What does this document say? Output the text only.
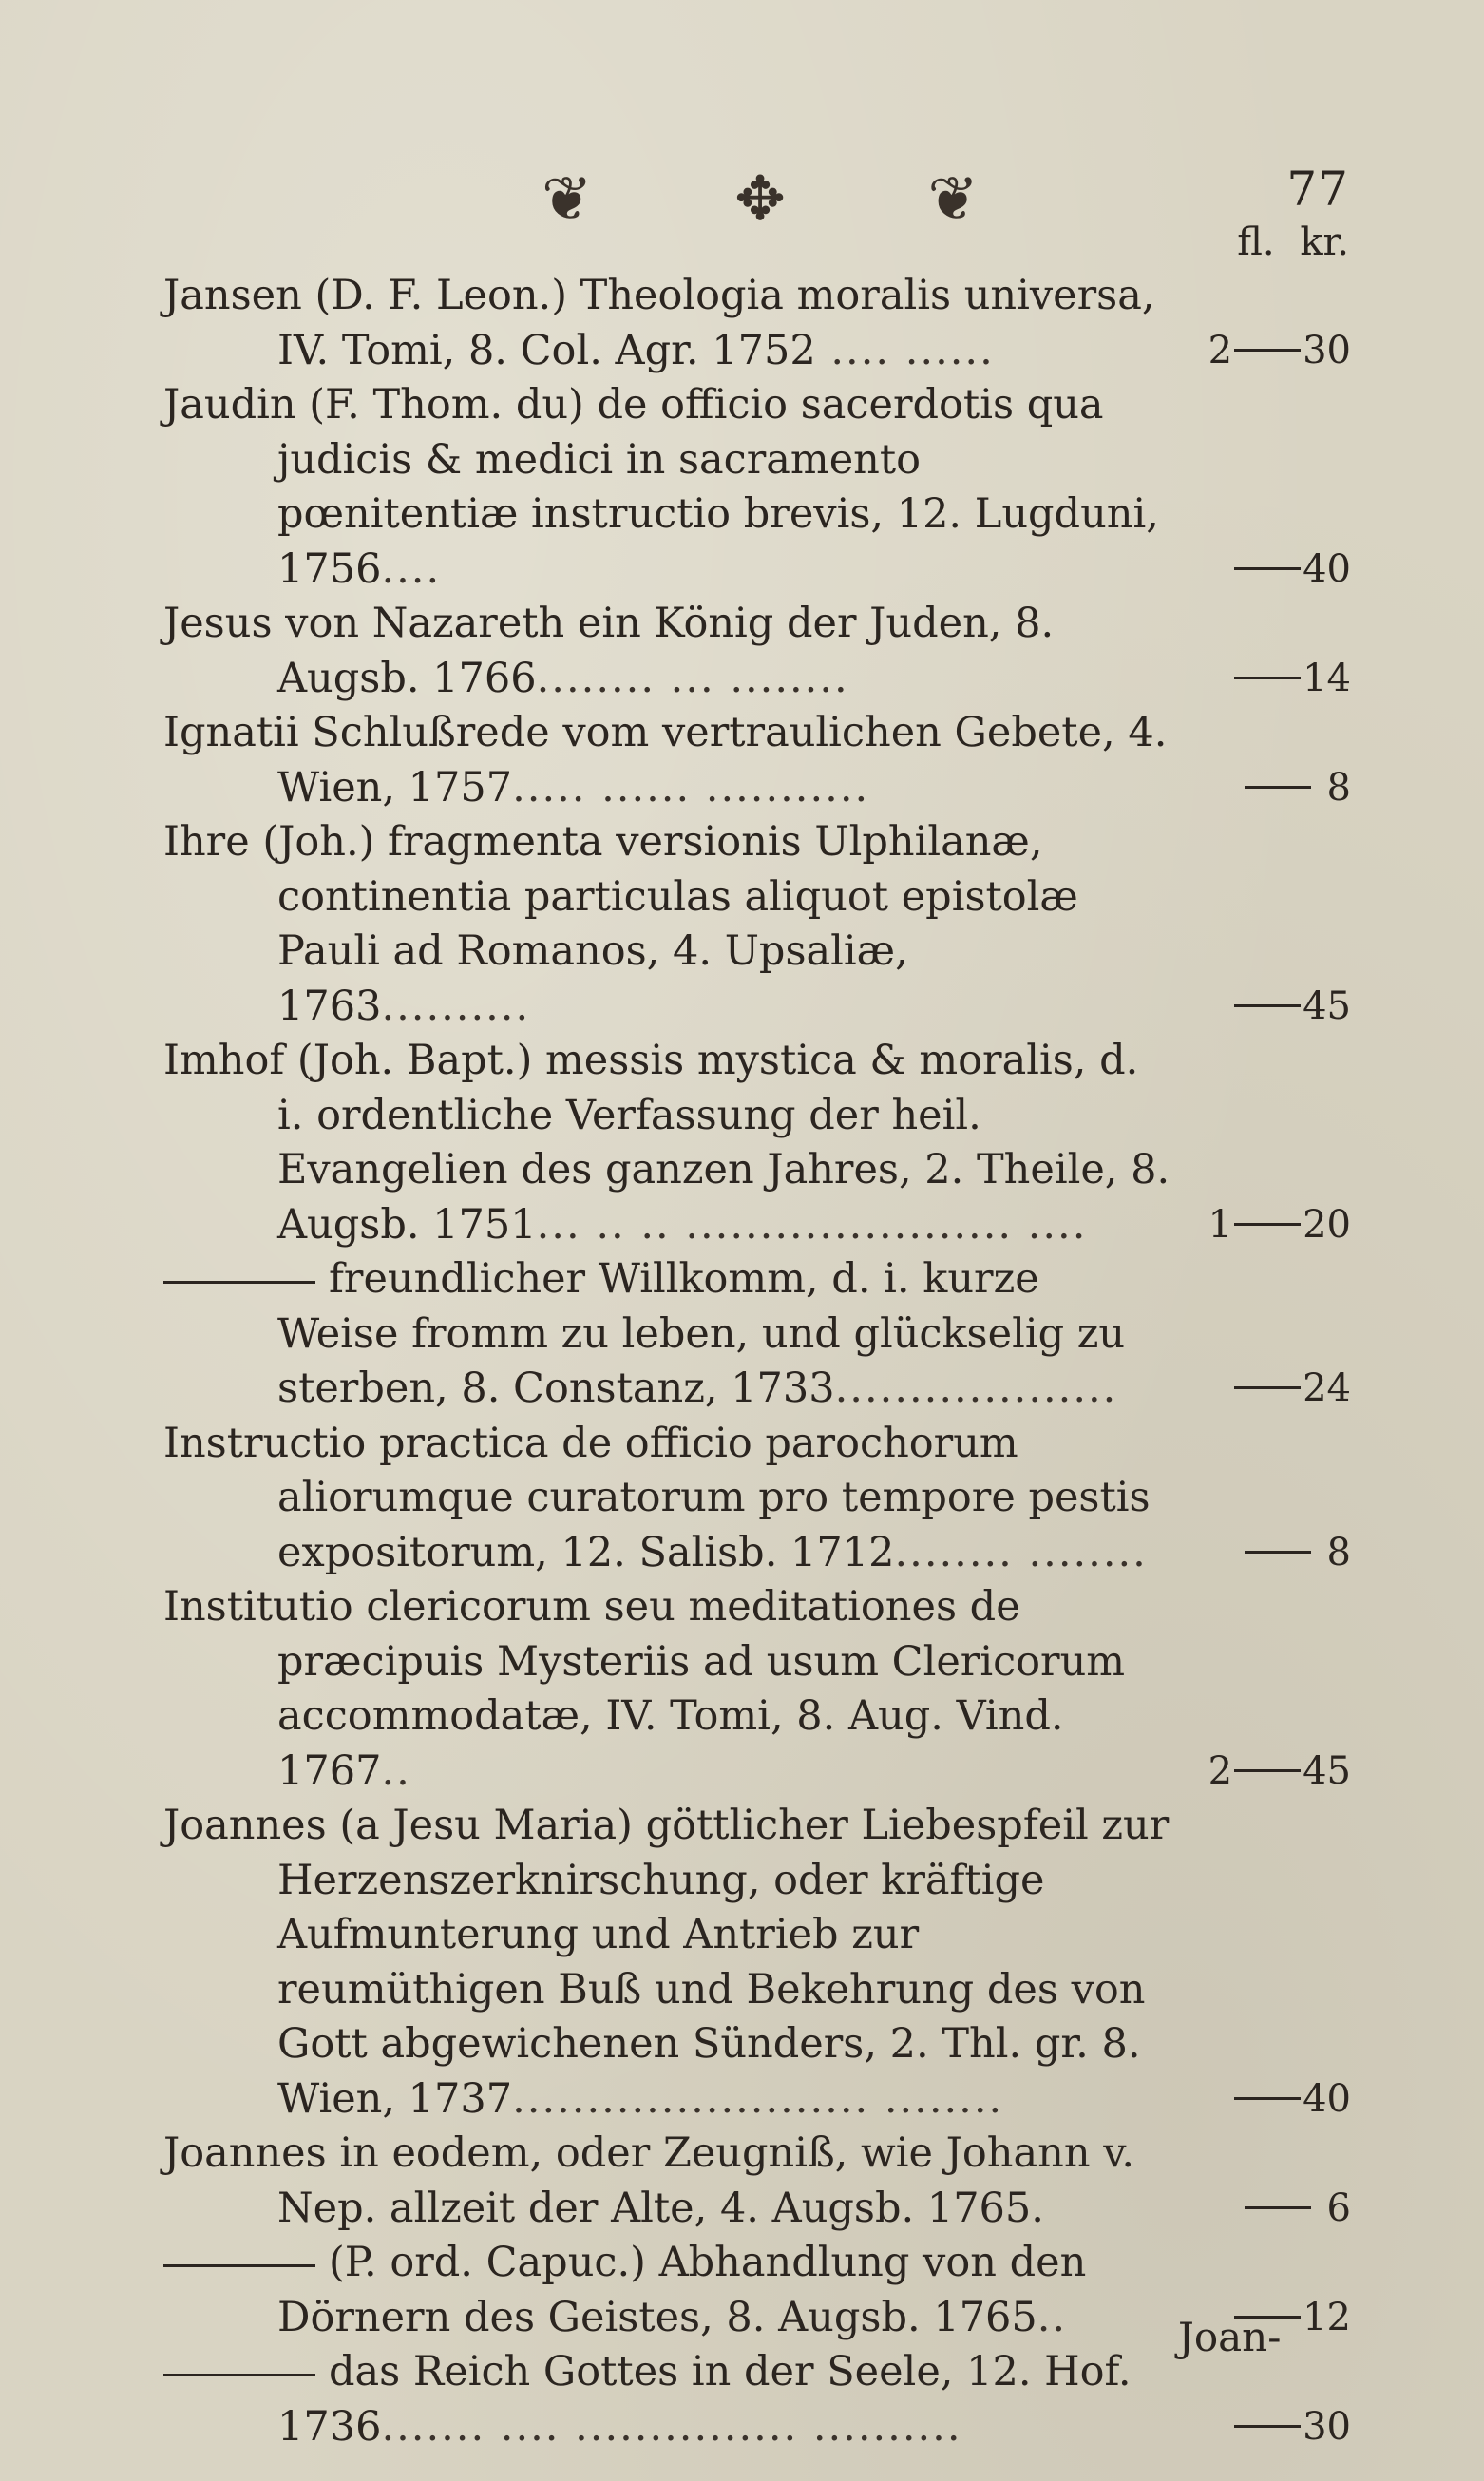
❦ ✥ ❦	77
fl. kr.

Jansen (D. F. Leon.) Theologia moralis universa, IV. Tomi, 8. Col. Agr. 1752 .... ......	2 30

Jaudin (F. Thom. du) de officio sacerdotis qua judicis & medici in sacramento pœnitentiæ instructio brevis, 12. Lugduni, 1756....	40

Jesus von Nazareth ein König der Juden, 8. Augsb. 1766........ ... ........	14

Ignatii Schlußrede vom vertraulichen Gebete, 4. Wien, 1757..... ...... ...........	8

Ihre (Joh.) fragmenta versionis Ulphilanæ, continentia particulas aliquot epistolæ Pauli ad Romanos, 4. Upsaliæ, 1763..........	45

Imhof (Joh. Bapt.) messis mystica & moralis, d. i. ordentliche Verfassung der heil. Evangelien des ganzen Jahres, 2. Theile, 8. Augsb. 1751... .. .. ...................... ....	1 20

freundlicher Willkomm, d. i. kurze Weise fromm zu leben, und glückselig zu sterben, 8. Constanz, 1733...................	24

Instructio practica de officio parochorum aliorumque curatorum pro tempore pestis expositorum, 12. Salisb. 1712........ ........	8

Institutio clericorum seu meditationes de præcipuis Mysteriis ad usum Clericorum accommodatæ, IV. Tomi, 8. Aug. Vind. 1767..	2 45

Joannes (a Jesu Maria) göttlicher Liebespfeil zur Herzenszerknirschung, oder kräftige Aufmunterung und Antrieb zur reumüthigen Buß und Bekehrung des von Gott abgewichenen Sünders, 2. Thl. gr. 8. Wien, 1737........................ ........	40

Joannes in eodem, oder Zeugniß, wie Johann v. Nep. allzeit der Alte, 4. Augsb. 1765.	6

(P. ord. Capuc.) Abhandlung von den Dörnern des Geistes, 8. Augsb. 1765..	12

das Reich Gottes in der Seele, 12. Hof. 1736....... .... ............... ..........	30

Joan-
